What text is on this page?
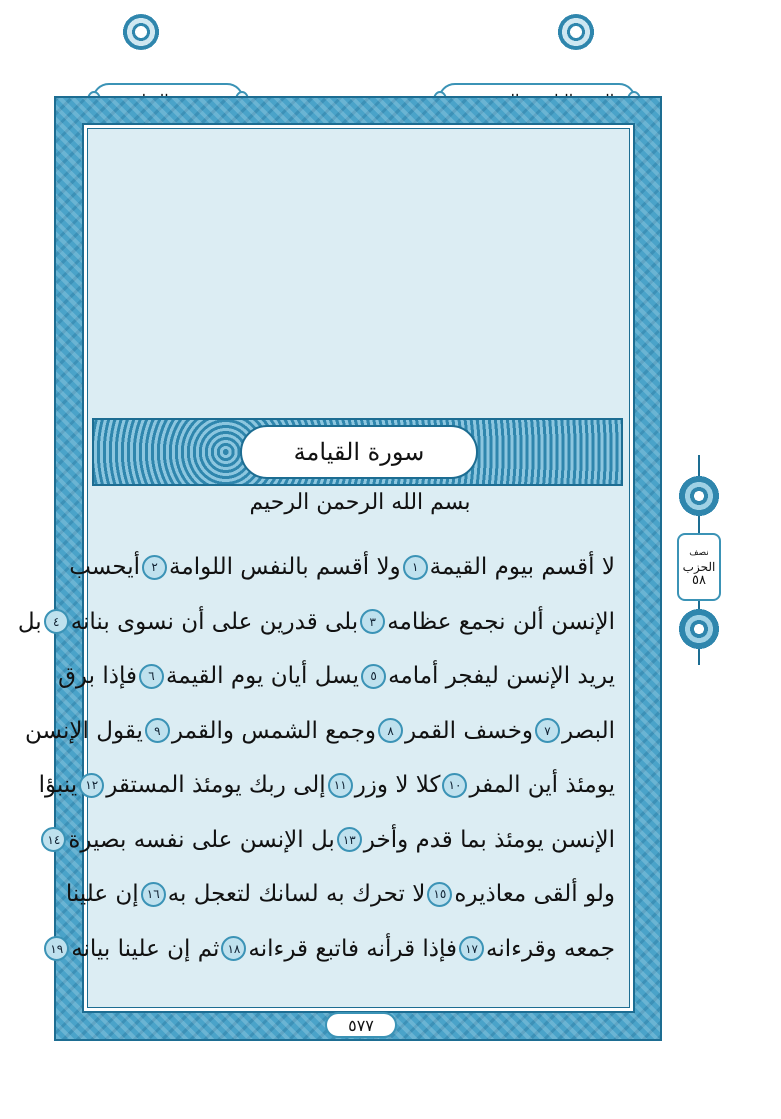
سورة القيامة
بسم الله الرحمن الرحيم
لا أقسم بيوم القيمة
١
ولا أقسم بالنفس اللوامة
٢
أيحسب
الإنسن ألن نجمع عظامه
٣
بلى قدرين على أن نسوى بنانه
٤
بل
يريد الإنسن ليفجر أمامه
٥
يسل أيان يوم القيمة
٦
فإذا برق
البصر
٧
وخسف القمر
٨
وجمع الشمس والقمر
٩
يقول الإنسن
يومئذ أين المفر
١٠
كلا لا وزر
١١
إلى ربك يومئذ المستقر
١٢
ينبؤا
الإنسن يومئذ بما قدم وأخر
١٣
بل الإنسن على نفسه بصيرة
١٤
ولو ألقى معاذيره
١٥
لا تحرك به لسانك لتعجل به
١٦
إن علينا
جمعه وقرءانه
١٧
فإذا قرأنه فاتبع قرءانه
١٨
ثم إن علينا بيانه
١٩
٥٧٧
نصف
الحزب
٥٨
